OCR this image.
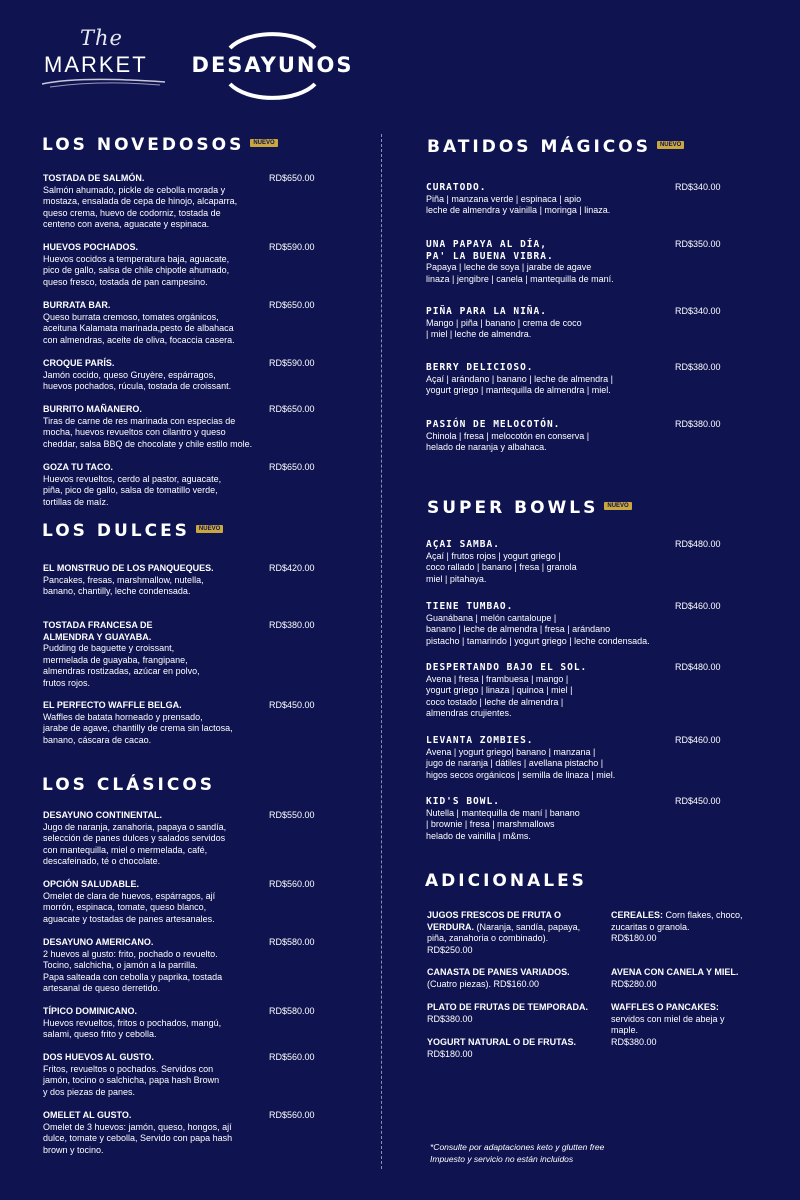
The
MARKET	DESAYUNOS
LOS NOVEDOSOS NUEVO
TOSTADA DE SALMÓN.
Salmón ahumado, pickle de cebolla morada y
mostaza, ensalada de cepa de hinojo, alcaparra,
queso crema, huevo de codorniz, tostada de
centeno con avena, aguacate y espinaca.
RD$650.00
HUEVOS POCHADOS.
Huevos cocidos a temperatura baja, aguacate,
pico de gallo, salsa de chile chipotle ahumado,
queso fresco, tostada de pan campesino.
RD$590.00
BURRATA BAR.
Queso burrata cremoso, tomates orgánicos,
aceituna Kalamata marinada,pesto de albahaca
con almendras, aceite de oliva, focaccia casera.
RD$650.00
CROQUE PARÍS.
Jamón cocido, queso Gruyère, espárragos,
huevos pochados, rúcula, tostada de croissant.
RD$590.00
BURRITO MAÑANERO.
Tiras de carne de res marinada con especias de
mocha, huevos revueltos con cilantro y queso
cheddar, salsa BBQ de chocolate y chile estilo mole.
RD$650.00
GOZA TU TACO.
Huevos revueltos, cerdo al pastor, aguacate,
piña, pico de gallo, salsa de tomatillo verde,
tortillas de maíz.
RD$650.00
LOS DULCES NUEVO
EL MONSTRUO DE LOS PANQUEQUES.
Pancakes, fresas, marshmallow, nutella,
banano, chantilly, leche condensada.
RD$420.00
TOSTADA FRANCESA DE
ALMENDRA Y GUAYABA.
Pudding de baguette y croissant,
mermelada de guayaba, frangipane,
almendras rostizadas, azúcar en polvo,
frutos rojos.
RD$380.00
EL PERFECTO WAFFLE BELGA.
Waffles de batata horneado y prensado,
jarabe de agave, chantilly de crema sin lactosa,
banano, cáscara de cacao.
RD$450.00
LOS CLÁSICOS
DESAYUNO CONTINENTAL.
Jugo de naranja, zanahoria, papaya o sandía,
selección de panes dulces y salados servidos
con mantequilla, miel o mermelada, café,
descafeinado, té o chocolate.
RD$550.00
OPCIÓN SALUDABLE.
Omelet de clara de huevos, espárragos, ají
morrón, espinaca, tomate, queso blanco,
aguacate y tostadas de panes artesanales.
RD$560.00
DESAYUNO AMERICANO.
2 huevos al gusto: frito, pochado o revuelto.
Tocino, salchicha, o jamón a la parrilla.
Papa salteada con cebolla y paprika, tostada
artesanal de queso derretido.
RD$580.00
TÍPICO DOMINICANO.
Huevos revueltos, fritos o pochados, mangú,
salami, queso frito y cebolla.
RD$580.00
DOS HUEVOS AL GUSTO.
Fritos, revueltos o pochados. Servidos con
jamón, tocino o salchicha, papa hash Brown
y dos piezas de panes.
RD$560.00
OMELET AL GUSTO.
Omelet de 3 huevos: jamón, queso, hongos, ají
dulce, tomate y cebolla, Servido con papa hash
brown y tocino.
RD$560.00
BATIDOS MÁGICOS NUEVO
CURATODO.
Piña | manzana verde | espinaca | apio
leche de almendra y vainilla | moringa | linaza.
RD$340.00
UNA PAPAYA AL DÍA,
PA' LA BUENA VIBRA.
Papaya | leche de soya | jarabe de agave
linaza | jengibre | canela | mantequilla de maní.
RD$350.00
PIÑA PARA LA NIÑA.
Mango | piña | banano | crema de coco
| miel | leche de almendra.
RD$340.00
BERRY DELICIOSO.
Açaí | arándano | banano | leche de almendra |
yogurt griego | mantequilla de almendra | miel.
RD$380.00
PASIÓN DE MELOCOTÓN.
Chinola | fresa | melocotón en conserva |
helado de naranja y albahaca.
RD$380.00
SUPER BOWLS NUEVO
AÇAI SAMBA.
Açaí | frutos rojos | yogurt griego |
coco rallado | banano | fresa | granola
miel | pitahaya.
RD$480.00
TIENE TUMBAO.
Guanábana | melón cantaloupe |
banano | leche de almendra | fresa | arándano
pistacho | tamarindo | yogurt griego | leche condensada.
RD$460.00
DESPERTANDO BAJO EL SOL.
Avena | fresa | frambuesa | mango |
yogurt griego | linaza | quinoa | miel |
coco tostado | leche de almendra |
almendras crujientes.
RD$480.00
LEVANTA ZOMBIES.
Avena | yogurt griego| banano | manzana |
jugo de naranja | dátiles | avellana pistacho |
higos secos orgánicos | semilla de linaza | miel.
RD$460.00
KID'S BOWL.
Nutella | mantequilla de maní | banano
| brownie | fresa | marshmallows
helado de vainilla | m&ms.
RD$450.00
ADICIONALES
JUGOS FRESCOS DE FRUTA O
VERDURA. (Naranja, sandía, papaya,
piña, zanahoria o combinado).
RD$250.00
CANASTA DE PANES VARIADOS.
(Cuatro piezas). RD$160.00
PLATO DE FRUTAS DE TEMPORADA.
RD$380.00
YOGURT NATURAL O DE FRUTAS.
RD$180.00
CEREALES: Corn flakes, choco,
zucaritas o granola.
RD$180.00
AVENA CON CANELA Y MIEL.
RD$280.00
WAFFLES O PANCAKES:
servidos con miel de abeja y
maple.
RD$380.00
*Consulte por adaptaciones keto y glutten free
Impuesto y servicio no están incluidos
